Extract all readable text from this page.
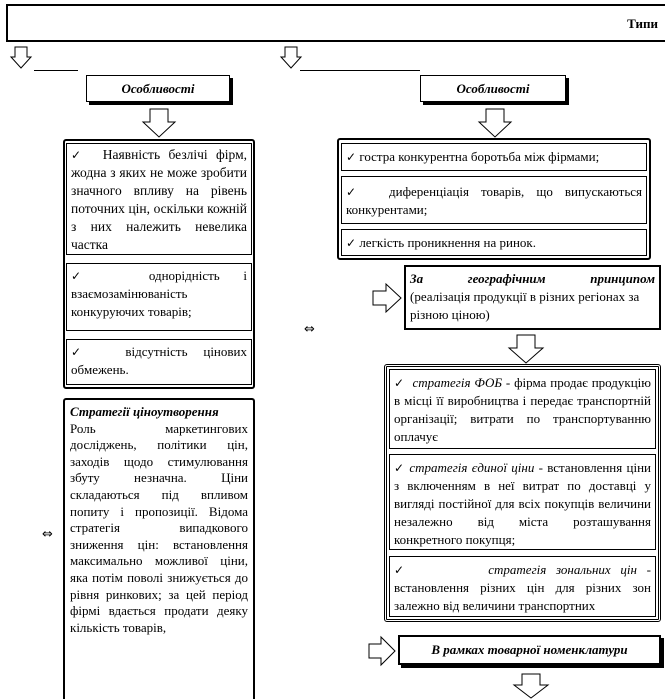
Типи
Особливості	Особливості
✓ Наявність безлічі фірм, жодна з яких не може зробити значного впливу на рівень поточних цін, оскільки кожній з них належить невелика частка
✓	однорідність і взаємозамінюваність конкуруючих товарів;
✓ відсутність цінових обмежень.
Стратегії ціноутворення
Роль маркетингових досліджень, політики цін, заходів щодо стимулювання збуту незначна. Ціни складаються під впливом попиту і пропозиції. Відома стратегія випадкового зниження цін: встановлення максимально можливої ціни, яка потім поволі знижується до рівня ринкових; за цей період фірмі вдається продати деяку кількість товарів,
⇔
⇔
✓ гостра конкурентна боротьба між фірмами;
✓ диференціація товарів, що випускаються конкурентами;
✓ легкість проникнення на ринок.
За географічним принципом
(реалізація продукції в різних регіонах за різною ціною)
✓ стратегія ФОБ - фірма продає продукцію в місці її виробництва і передає транспортній організації; витрати по транспортуванню оплачує
✓ стратегія єдиної ціни - встановлення ціни з включенням в неї витрат по доставці у вигляді постійної для всіх покупців величини незалежно від міста розташування конкретного покупця;
✓	стратегія зональних цін - встановлення різних цін для різних зон залежно від величини транспортних
В рамках товарної номенклатури
